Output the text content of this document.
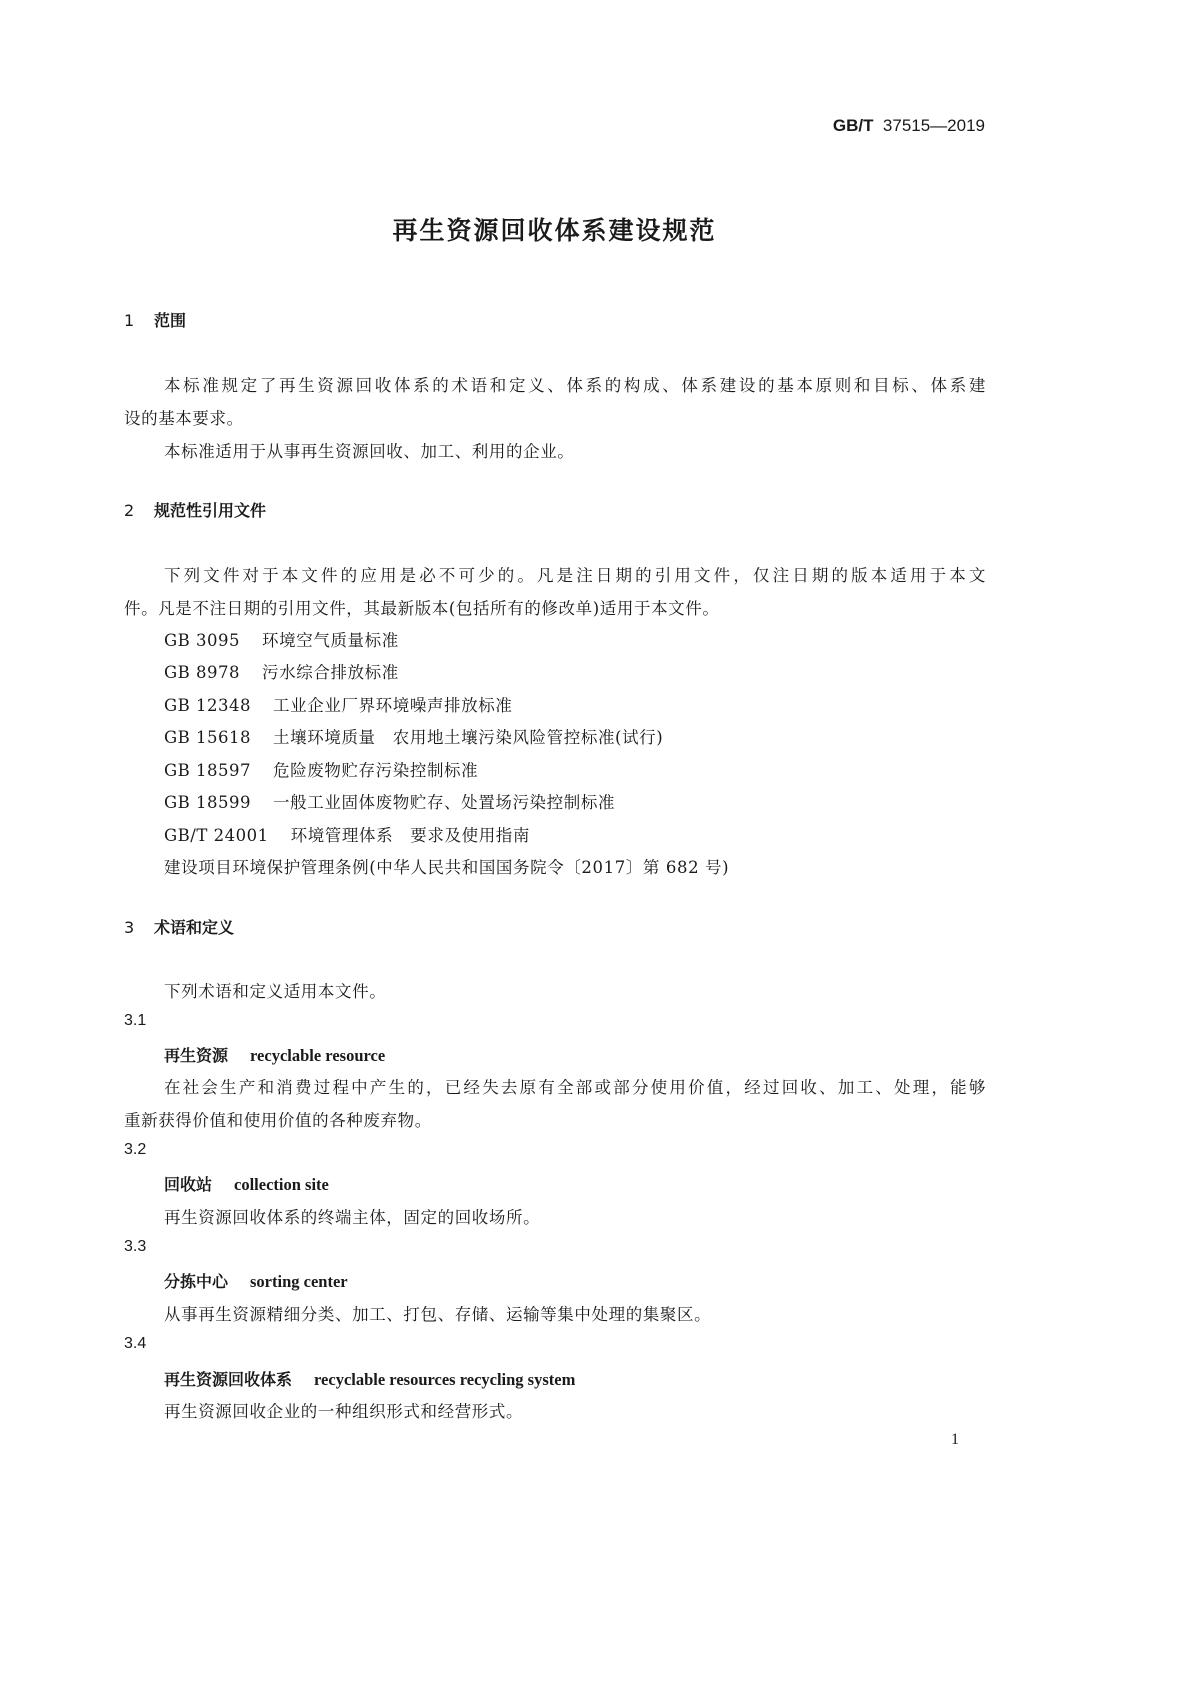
GB/T 37515—2019
再生资源回收体系建设规范
1 范围
本标准规定了再生资源回收体系的术语和定义、体系的构成、体系建设的基本原则和目标、体系建
设的基本要求。
本标准适用于从事再生资源回收、加工、利用的企业。
2 规范性引用文件
下列文件对于本文件的应用是必不可少的。凡是注日期的引用文件，仅注日期的版本适用于本文
件。凡是不注日期的引用文件，其最新版本(包括所有的修改单)适用于本文件。
GB 3095 环境空气质量标准
GB 8978 污水综合排放标准
GB 12348 工业企业厂界环境噪声排放标准
GB 15618 土壤环境质量　农用地土壤污染风险管控标准(试行)
GB 18597 危险废物贮存污染控制标准
GB 18599 一般工业固体废物贮存、处置场污染控制标准
GB/T 24001 环境管理体系　要求及使用指南
建设项目环境保护管理条例(中华人民共和国国务院令〔2017〕第 682 号)
3 术语和定义
下列术语和定义适用本文件。
3.1
再生资源 recyclable resource
在社会生产和消费过程中产生的，已经失去原有全部或部分使用价值，经过回收、加工、处理，能够
重新获得价值和使用价值的各种废弃物。
3.2
回收站 collection site
再生资源回收体系的终端主体，固定的回收场所。
3.3
分拣中心 sorting center
从事再生资源精细分类、加工、打包、存储、运输等集中处理的集聚区。
3.4
再生资源回收体系 recyclable resources recycling system
再生资源回收企业的一种组织形式和经营形式。
1
